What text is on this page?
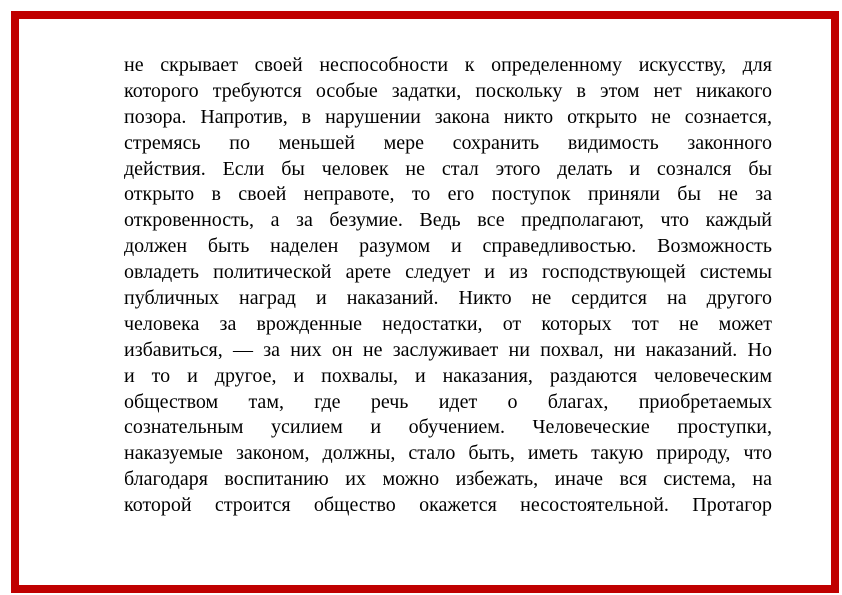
не скрывает своей неспособности к определенному искусству, для
которого требуются особые задатки, поскольку в этом нет никакого
позора. Напротив, в нарушении закона никто открыто не сознается,
стремясь по меньшей мере сохранить видимость законного
действия. Если бы человек не стал этого делать и сознался бы
открыто в своей неправоте, то его поступок приняли бы не за
откровенность, а за безумие. Ведь все предполагают, что каждый
должен быть наделен разумом и справедливостью. Возможность
овладеть политической арете следует и из господствующей системы
публичных наград и наказаний. Никто не сердится на другого
человека за врожденные недостатки, от которых тот не может
избавиться, — за них он не заслуживает ни похвал, ни наказаний. Но
и то и другое, и похвалы, и наказания, раздаются человеческим
обществом там, где речь идет о благах, приобретаемых
сознательным усилием и обучением. Человеческие проступки,
наказуемые законом, должны, стало быть, иметь такую природу, что
благодаря воспитанию их можно избежать, иначе вся система, на
которой строится общество окажется несостоятельной. Протагор
